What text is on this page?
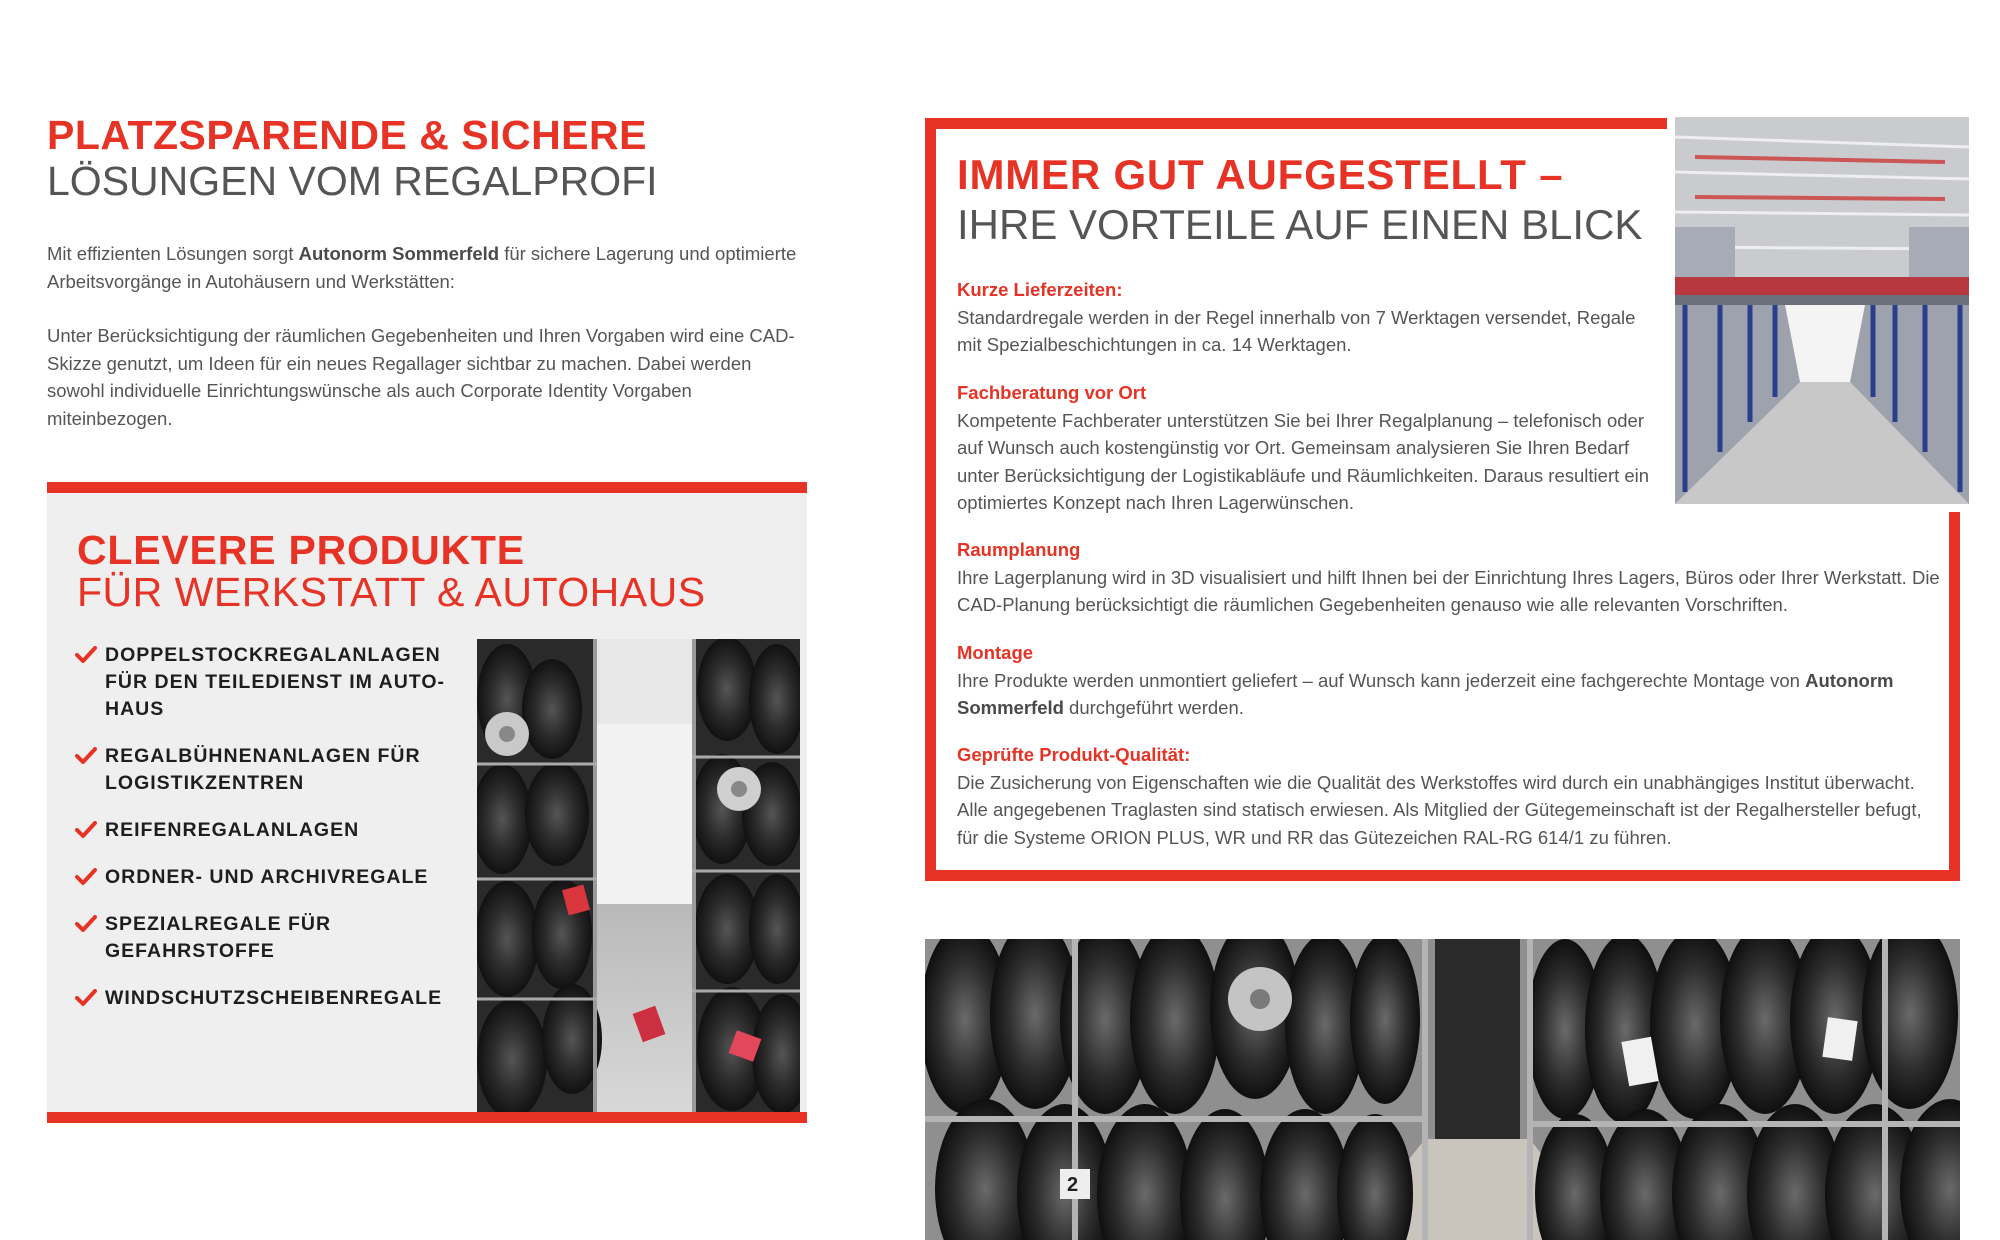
PLATZSPARENDE & SICHERE
LÖSUNGEN VOM REGALPROFI

Mit effizienten Lösungen sorgt Autonorm Sommerfeld für sichere Lagerung und optimierte Arbeitsvorgänge in Autohäusern und Werkstätten:

Unter Berücksichtigung der räumlichen Gegebenheiten und Ihren Vorgaben wird eine CAD-Skizze genutzt, um Ideen für ein neues Regallager sichtbar zu machen. Dabei werden sowohl individuelle Einrichtungswünsche als auch Corporate Identity Vorgaben miteinbezogen.

CLEVERE PRODUKTE
FÜR WERKSTATT & AUTOHAUS
DOPPELSTOCKREGALANLAGEN FÜR DEN TEILEDIENST IM AUTO-HAUS
REGALBÜHNENANLAGEN FÜR LOGISTIKZENTREN
REIFENREGALANLAGEN
ORDNER- UND ARCHIVREGALE
SPEZIALREGALE FÜR GEFAHRSTOFFE
WINDSCHUTZSCHEIBENREGALE
IMMER GUT AUFGESTELLT –
IHRE VORTEILE AUF EINEN BLICK
Kurze Lieferzeiten:

Standardregale werden in der Regel innerhalb von 7 Werktagen versendet, Regale mit Spezialbeschichtungen in ca. 14 Werktagen.

Fachberatung vor Ort

Kompetente Fachberater unterstützen Sie bei Ihrer Regalplanung – telefonisch oder auf Wunsch auch kostengünstig vor Ort. Gemeinsam analysieren Sie Ihren Bedarf unter Berücksichtigung der Logistikabläufe und Räumlichkeiten. Daraus resultiert ein optimiertes Konzept nach Ihren Lagerwünschen.

Raumplanung

Ihre Lagerplanung wird in 3D visualisiert und hilft Ihnen bei der Einrichtung Ihres Lagers, Büros oder Ihrer Werkstatt. Die CAD-Planung berücksichtigt die räumlichen Gegebenheiten genauso wie alle relevanten Vorschriften.

Montage

Ihre Produkte werden unmontiert geliefert – auf Wunsch kann jederzeit eine fachgerechte Montage von Autonorm Sommerfeld durchgeführt werden.

Geprüfte Produkt-Qualität:

Die Zusicherung von Eigenschaften wie die Qualität des Werkstoffes wird durch ein unabhängiges Institut überwacht. Alle angegebenen Traglasten sind statisch erwiesen. Als Mitglied der Gütegemeinschaft ist der Regalhersteller befugt, für die Systeme ORION PLUS, WR und RR das Gütezeichen RAL-RG 614/1 zu führen.

2
